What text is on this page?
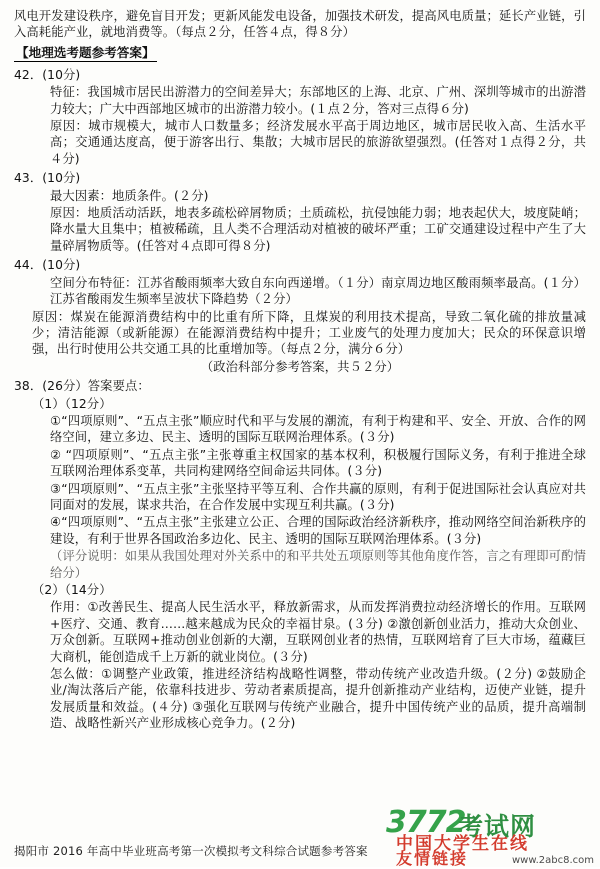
风电开发建设秩序，避免盲目开发；更新风能发电设备，加强技术研发，提高风电质量；延长产业链，引入高耗能产业，就地消费等。（每点２分，任答４点，得８分）

【地理选考题参考答案】

42．(10分)

特征：我国城市居民出游潜力的空间差异大；东部地区的上海、北京、广州、深圳等城市的出游潜力较大；广大中西部地区城市的出游潜力较小。(１点２分，答对三点得６分)

原因：城市规模大，城市人口数量多；经济发展水平高于周边地区，城市居民收入高、生活水平高；交通通达度高，便于游客出行、集散；大城市居民的旅游欲望强烈。(任答对１点得２分，共４分)

43．(10分)

最大因素：地质条件。(２分)

原因：地质活动活跃，地表多疏松碎屑物质；土质疏松，抗侵蚀能力弱；地表起伏大，坡度陡峭；降水量大且集中；植被稀疏，且人类不合理活动对植被的破坏严重；工矿交通建设过程中产生了大量碎屑物质等。(任答对４点即可得８分)

44．(10分)

空间分布特征：江苏省酸雨频率大致自东向西递增。（１分）南京周边地区酸雨频率最高。(１分）江苏省酸雨发生频率呈波状下降趋势（２分）

原因：煤炭在能源消费结构中的比重有所下降，且煤炭的利用技术提高，导致二氧化硫的排放量减少；清洁能源（或新能源）在能源消费结构中提升；工业废气的处理力度加大；民众的环保意识增强，出行时使用公共交通工具的比重增加等。（每点２分，满分６分）

（政治科部分参考答案，共５２分）

38．(26分）答案要点：

（1）（12分）

①“四项原则”、“五点主张”顺应时代和平与发展的潮流，有利于构建和平、安全、开放、合作的网络空间，建立多边、民主、透明的国际互联网治理体系。(３分)

② “四项原则”、“五点主张”主张尊重主权国家的基本权利，积极履行国际义务，有利于推进全球互联网治理体系变革，共同构建网络空间命运共同体。(３分)

③“四项原则”、“五点主张”主张坚持平等互利、合作共赢的原则，有利于促进国际社会认真应对共同面对的发展，谋求共治，在合作发展中实现互利共赢。(３分)

④“四项原则”、“五点主张”主张建立公正、合理的国际政治经济新秩序，推动网络空间治新秩序的建设，有利于世界各国政治多边化、民主、透明的国际互联网治理体系。(３分)

（评分说明：如果从我国处理对外关系中的和平共处五项原则等其他角度作答，言之有理即可酌情给分）

（2）（14分）

作用：①改善民生、提高人民生活水平，释放新需求，从而发挥消费拉动经济增长的作用。互联网+医疗、交通、教育……越来越成为民众的幸福甘泉。(３分) ②激创新创业活力，推动大众创业、万众创新。互联网+推动创业创新的大潮，互联网创业者的热情，互联网培育了巨大市场，蕴藏巨大商机，能创造成千上万新的就业岗位。(３分)

怎么做：①调整产业政策，推进经济结构战略性调整，带动传统产业改造升级。(２分) ②鼓励企业/淘汰落后产能，依靠科技进步、劳动者素质提高，提升创新推动产业结构，迈使产业链，提升发展质量和效益。(４分) ③强化互联网与传统产业融合，提升中国传统产业的品质，提升高端制造、战略性新兴产业形成核心竞争力。(２分)

揭阳市 2016 年高中毕业班高考第一次模拟考文科综合试题参考答案
3772
考试网
中国大学生在线
友情链接	www.2abc8.com
